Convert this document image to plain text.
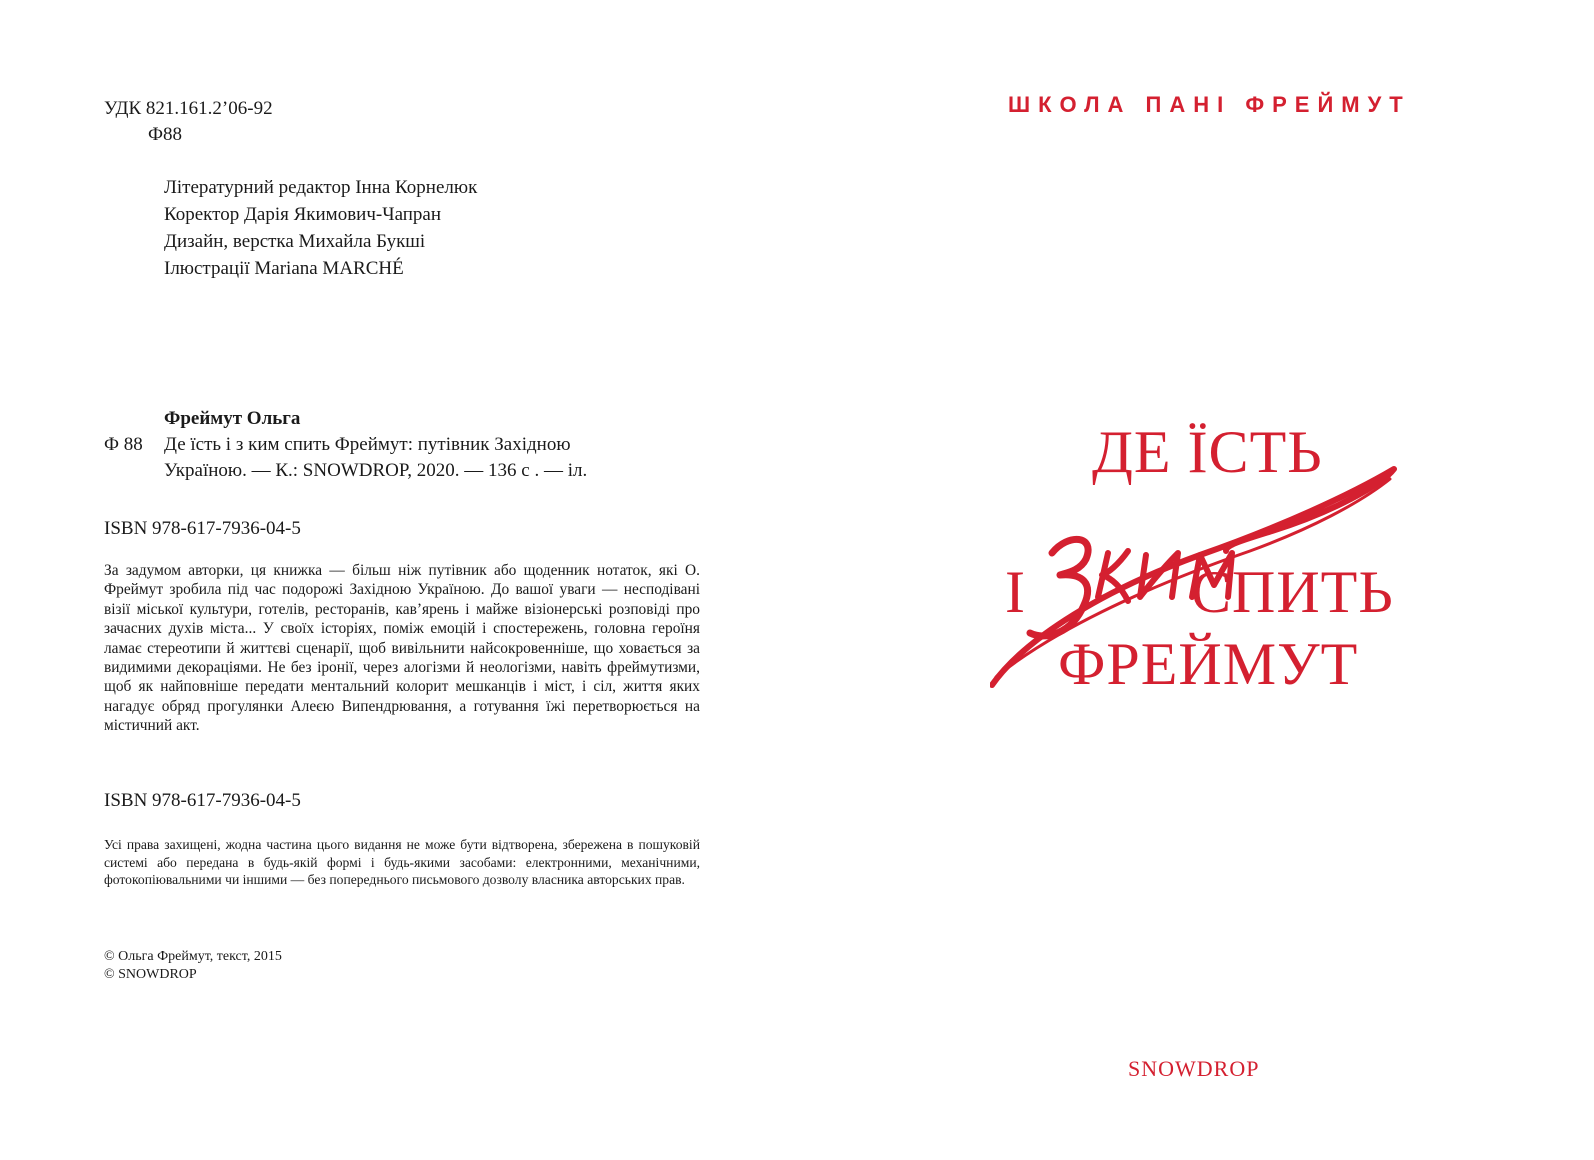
УДК 821.161.2’06-92
Ф88
Літературний редактор Інна Корнелюк
Коректор Дарія Якимович-Чапран
Дизайн, верстка Михайла Букші
Ілюстрації Mariana MARCHÉ
Фреймут Ольга
Ф 88	Де їсть і з ким спить Фреймут: путівник Західною
Україною. — К.: SNOWDROP, 2020. — 136 с . — іл.
ISBN 978-617-7936-04-5
За задумом авторки, ця книжка — більш ніж путівник або щоденник нотаток, які О. Фреймут зробила під час подорожі Західною Україною. До вашої уваги — несподівані візії міської культури, готелів, ресторанів, кав’ярень і майже візіонерські розповіді про зачасних духів міста... У своїх історіях, поміж емоцій і спостережень, головна героїня ламає стереотипи й життєві сценарії, щоб вивільнити найсокровенніше, що ховається за видимими декораціями. Не без іронії, через алогізми й неологізми, навіть фреймутизми, щоб як найповніше передати ментальний колорит мешканців і міст, і сіл, життя яких нагадує обряд прогулянки Алеєю Випендрювання, а готування їжі перетворюється на містичний акт.
ISBN 978-617-7936-04-5
Усі права захищені, жодна частина цього видання не може бути відтворена, збережена в пошуковій системі або передана в будь-якій формі і будь-якими засобами: електронними, механічними, фотокопіювальними чи іншими — без попереднього письмового дозволу власника авторських прав.
© Ольга Фреймут, текст, 2015
© SNOWDROP
ШКОЛА ПАНІ ФРЕЙМУТ
ДЕ ЇСТЬ
І	СПИТЬ
ФРЕЙМУТ
SNOWDROP
